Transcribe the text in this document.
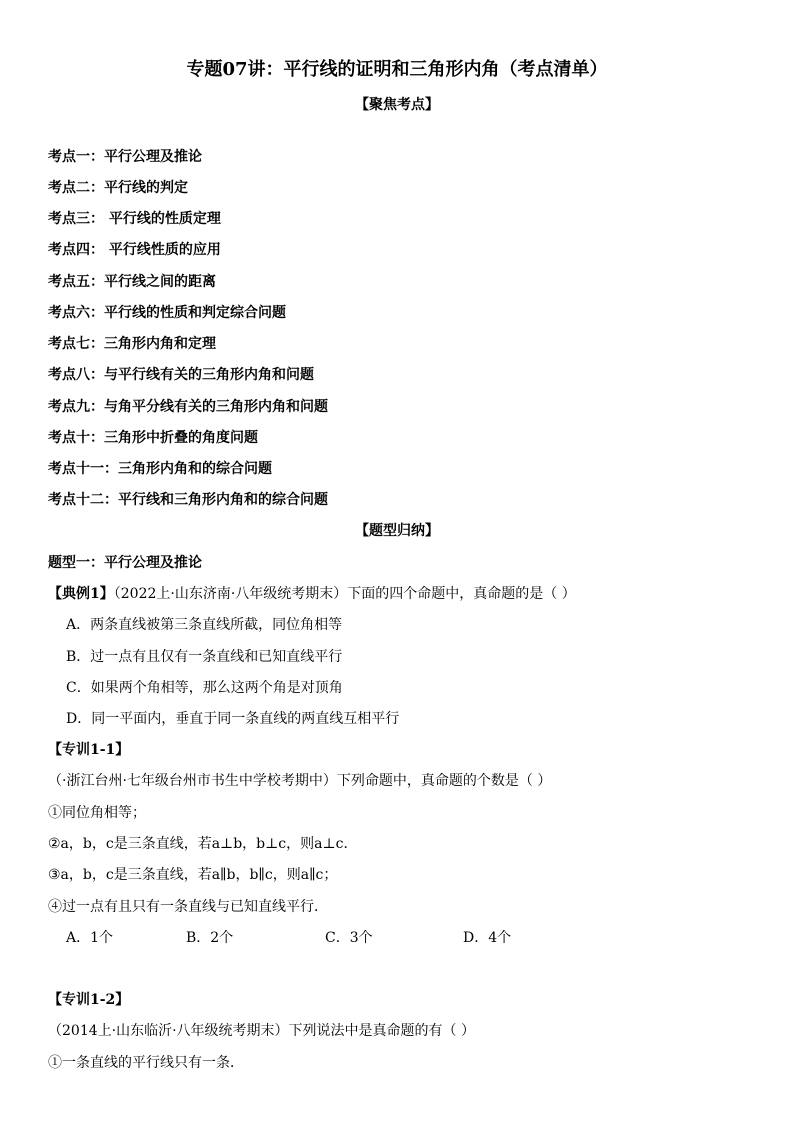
专题07讲：平行线的证明和三角形内角（考点清单）
【聚焦考点】
考点一：平行公理及推论
考点二：平行线的判定
考点三： 平行线的性质定理
考点四： 平行线性质的应用
考点五：平行线之间的距离
考点六：平行线的性质和判定综合问题
考点七：三角形内角和定理
考点八：与平行线有关的三角形内角和问题
考点九：与角平分线有关的三角形内角和问题
考点十：三角形中折叠的角度问题
考点十一：三角形内角和的综合问题
考点十二：平行线和三角形内角和的综合问题
【题型归纳】
题型一：平行公理及推论
【典例1】（2022上·山东济南·八年级统考期末）下面的四个命题中，真命题的是（ ）
A．两条直线被第三条直线所截，同位角相等
B．过一点有且仅有一条直线和已知直线平行
C．如果两个角相等，那么这两个角是对顶角
D．同一平面内，垂直于同一条直线的两直线互相平行
【专训1-1】
（·浙江台州·七年级台州市书生中学校考期中）下列命题中，真命题的个数是（ ）
①同位角相等；
②a，b，c是三条直线，若a⊥b，b⊥c，则a⊥c．
③a，b，c是三条直线，若a∥b，b∥c，则a∥c；
④过一点有且只有一条直线与已知直线平行．
A．1个	B．2个	C．3个	D．4个
【专训1-2】
（2014上·山东临沂·八年级统考期末）下列说法中是真命题的有（ ）
①一条直线的平行线只有一条．
